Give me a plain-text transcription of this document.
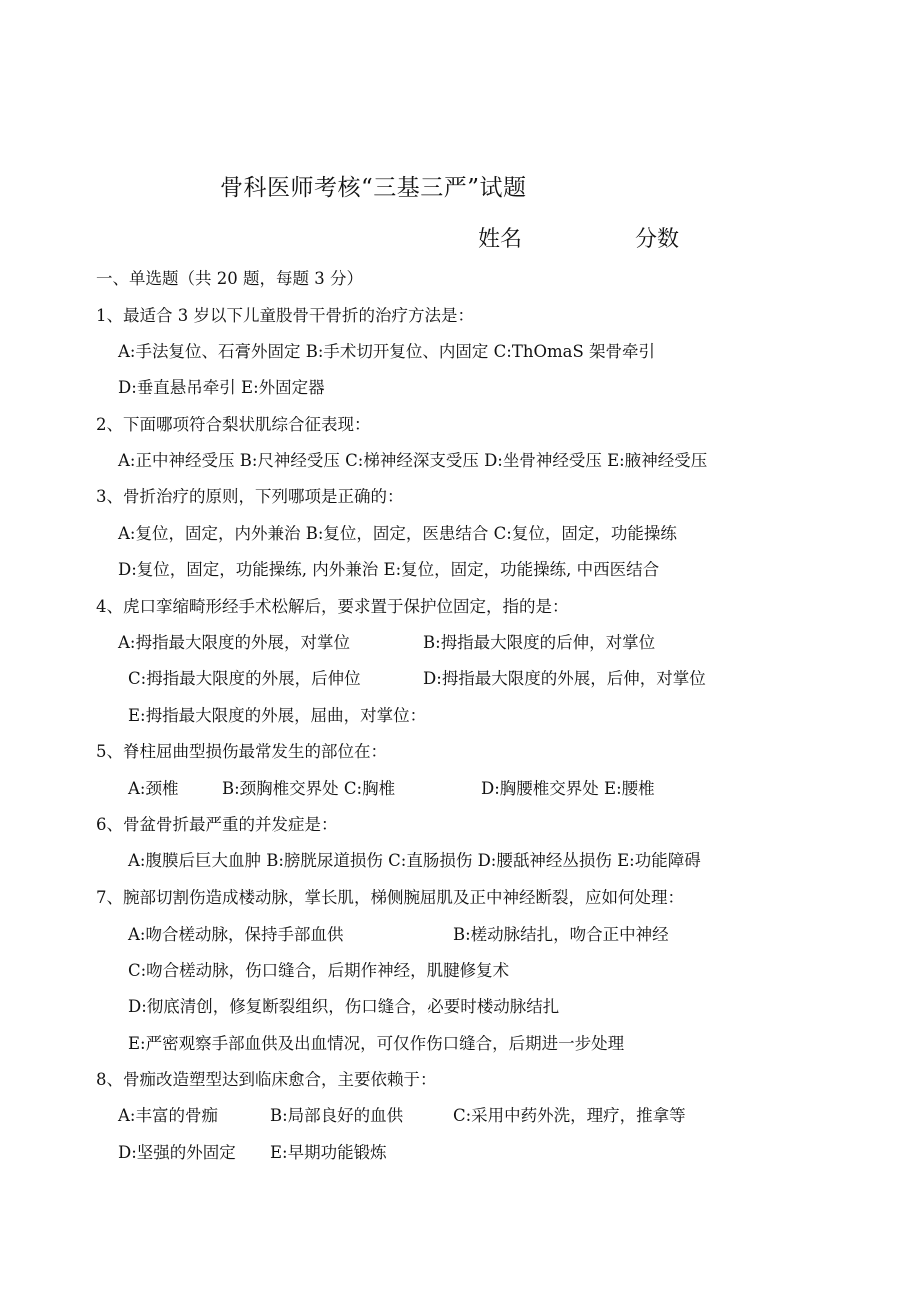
骨科医师考核“三基三严”试题
姓名	分数
一、单选题（共 20 题，每题 3 分）
1、最适合 3 岁以下儿童股骨干骨折的治疗方法是：
A:手法复位、石膏外固定 B:手术切开复位、内固定 C:ThOmaS 架骨牵引
D:垂直悬吊牵引 E:外固定器
2、下面哪项符合梨状肌综合征表现：
A:正中神经受压 B:尺神经受压 C:梯神经深支受压 D:坐骨神经受压 E:腋神经受压
3、骨折治疗的原则，下列哪项是正确的：
A:复位，固定，内外兼治 B:复位，固定，医患结合 C:复位，固定，功能操练
D:复位，固定，功能操练, 内外兼治 E:复位，固定，功能操练, 中西医结合
4、虎口挛缩畸形经手术松解后，要求置于保护位固定，指的是：
A:拇指最大限度的外展，对掌位	B:拇指最大限度的后伸，对掌位
C:拇指最大限度的外展，后伸位	D:拇指最大限度的外展，后伸，对掌位
E:拇指最大限度的外展，屈曲，对掌位：
5、脊柱屈曲型损伤最常发生的部位在：
A:颈椎	B:颈胸椎交界处 C:胸椎	D:胸腰椎交界处 E:腰椎
6、骨盆骨折最严重的并发症是：
A:腹膜后巨大血肿 B:膀胱尿道损伤 C:直肠损伤 D:腰舐神经丛损伤 E:功能障碍
7、腕部切割伤造成楼动脉，掌长肌，梯侧腕屈肌及正中神经断裂，应如何处理：
A:吻合槎动脉，保持手部血供	B:槎动脉结扎，吻合正中神经
C:吻合槎动脉，伤口缝合，后期作神经，肌腱修复术
D:彻底清创，修复断裂组织，伤口缝合，必要时楼动脉结扎
E:严密观察手部血供及出血情况，可仅作伤口缝合，后期进一步处理
8、骨痂改造塑型达到临床愈合，主要依赖于：
A:丰富的骨痂	B:局部良好的血供	C:采用中药外洗，理疗，推拿等
D:坚强的外固定 E:早期功能锻炼
